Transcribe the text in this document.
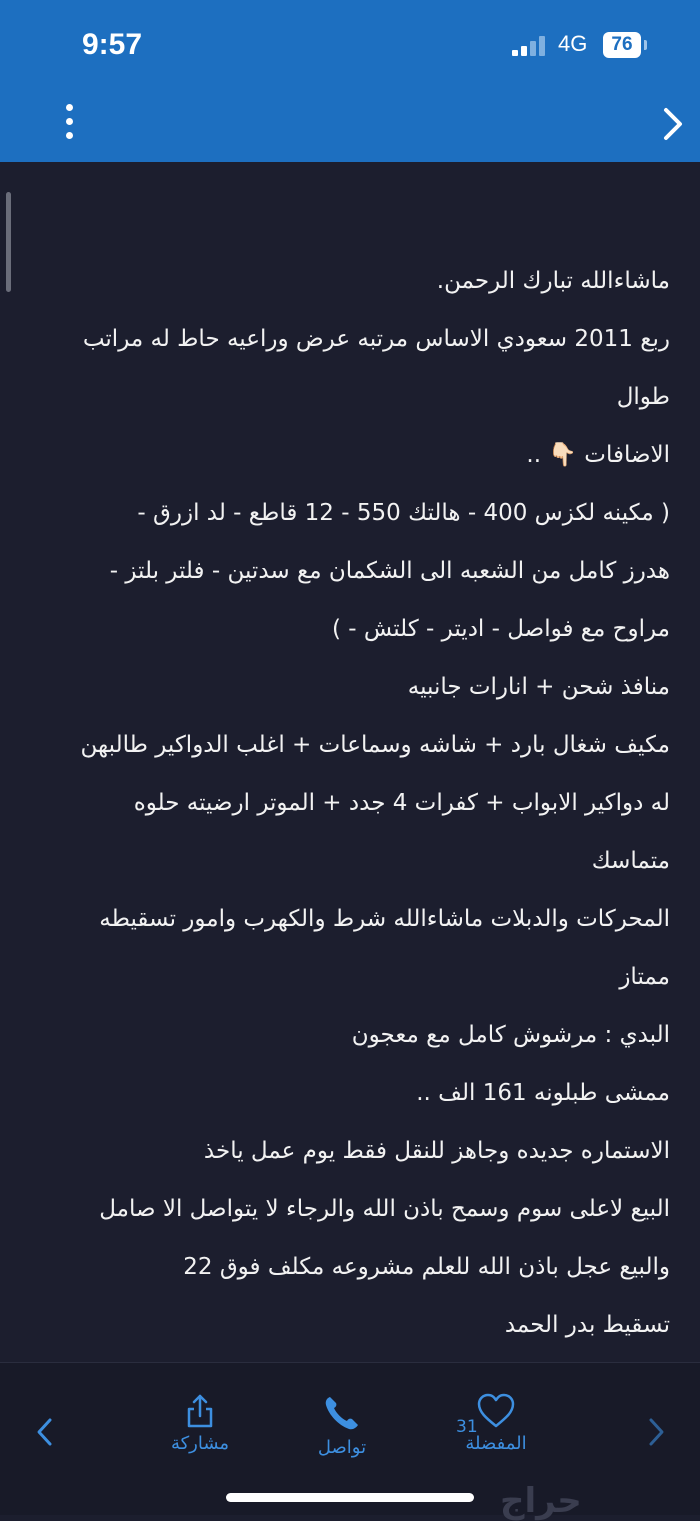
9:57	4G	76

ماشاءالله تبارك الرحمن.

ربع 2011 سعودي الاساس مرتبه عرض وراعيه حاط له مراتب

طوال

الاضافات 👇🏻 ..

( مكينه لكزس 400 - هالتك 550 - 12 قاطع - لد ازرق -

هدرز كامل من الشعبه الى الشكمان مع سدتين - فلتر بلتز -

مراوح مع فواصل - اديتر - كلتش - )

منافذ شحن + انارات جانبيه

مكيف شغال بارد + شاشه وسماعات + اغلب الدواكير طالبهن

له دواكير الابواب + كفرات 4 جدد + الموتر ارضيته حلوه

متماسك

المحركات والدبلات ماشاءالله شرط والكهرب وامور تسقيطه

ممتاز

البدي : مرشوش كامل مع معجون

ممشى طبلونه 161 الف ..

الاستماره جديده وجاهز للنقل فقط يوم عمل ياخذ

البيع لاعلى سوم وسمح باذن الله والرجاء لا يتواصل الا صامل

والبيع عجل باذن الله للعلم مشروعه مكلف فوق 22

تسقيط بدر الحمد

مشاركة	تواصل	المفضلة
31
حراج
